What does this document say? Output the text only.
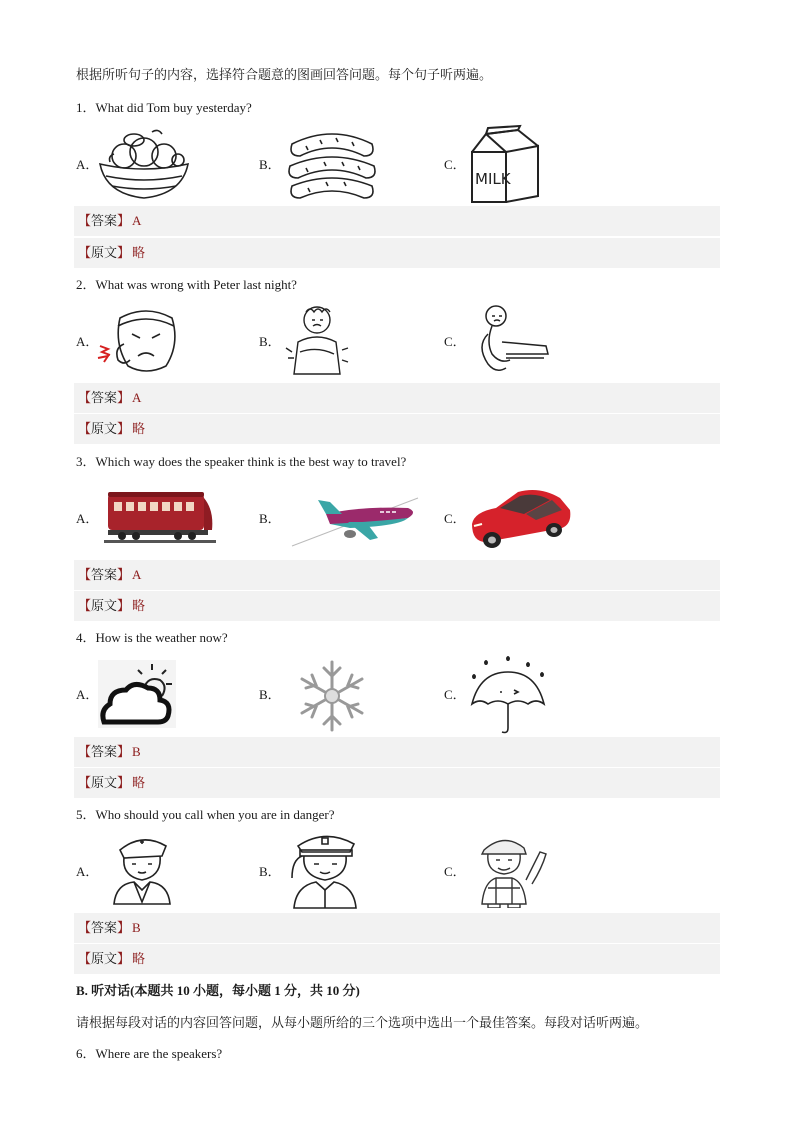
根据所听句子的内容，选择符合题意的图画回答问题。每个句子听两遍。
1．What did Tom buy yesterday?
A．	B．	C．
MILK
【答案】 A
【原文】 略
2．What was wrong with Peter last night?
A．	B．	C．
【答案】 A
【原文】 略
3．Which way does the speaker think is the best way to travel?
A．	B．	C．
【答案】 A
【原文】 略
4．How is the weather now?
A．	B．	C．
【答案】 B
【原文】 略
5．Who should you call when you are in danger?
A．	B．	C．
【答案】 B
【原文】 略
B. 听对话(本题共 10 小题，每小题 1 分，共 10 分)
请根据每段对话的内容回答问题，从每小题所给的三个选项中选出一个最佳答案。每段对话听两遍。
6．Where are the speakers?
